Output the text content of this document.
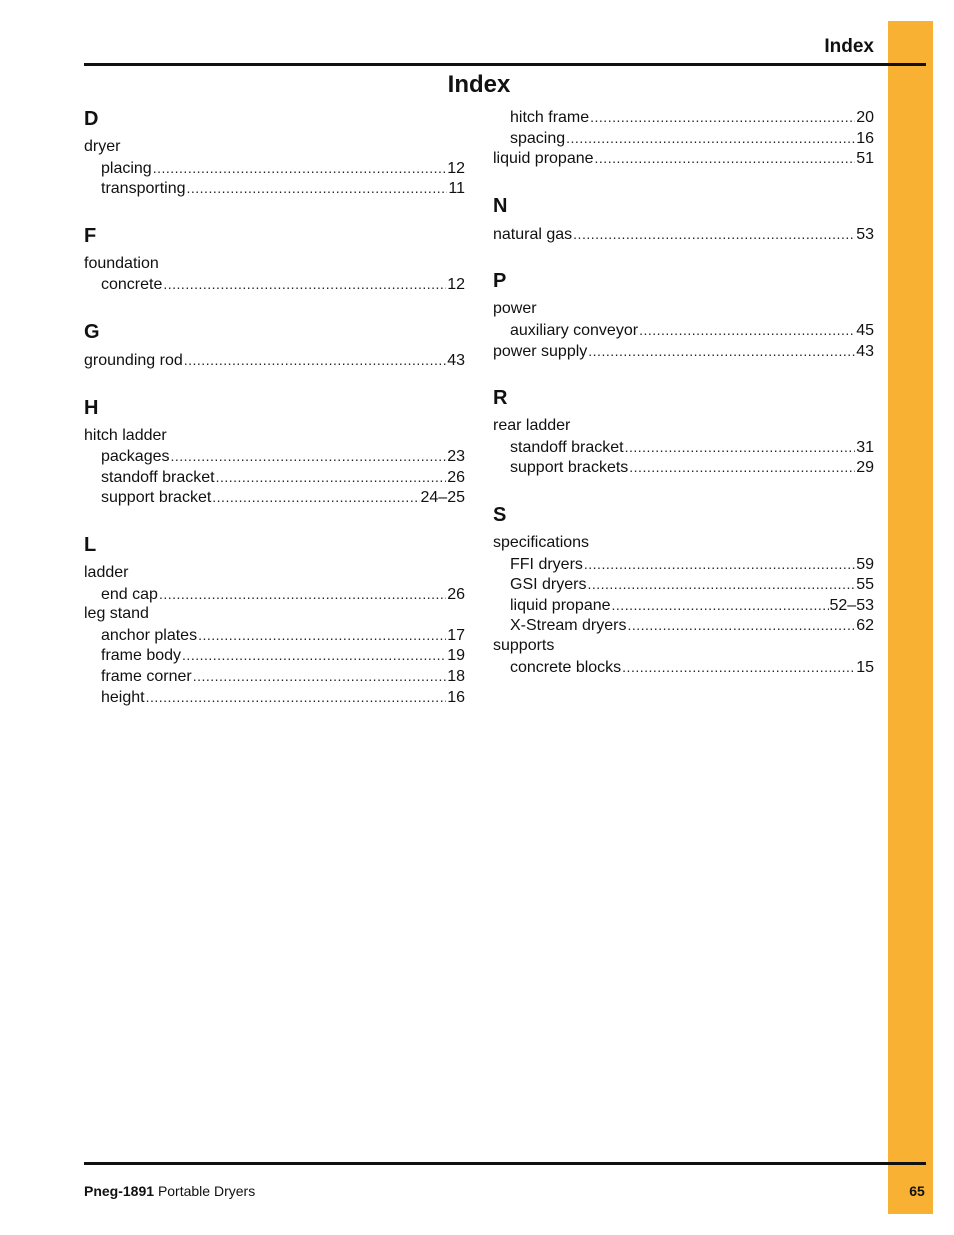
Index
Index
D
dryer
placing .....	12
transporting .....	11
F
foundation
concrete .....	12
G
grounding rod .....	43
H
hitch ladder
packages .....	23
standoff bracket .....	26
support bracket .....	24–25
L
ladder
end cap .....	26
leg stand
anchor plates .....	17
frame body .....	19
frame corner .....	18
height .....	16
hitch frame .....	20
spacing .....	16
liquid propane .....	51
N
natural gas .....	53
P
power
auxiliary conveyor .....	45
power supply .....	43
R
rear ladder
standoff bracket .....	31
support brackets .....	29
S
specifications
FFI dryers .....	59
GSI dryers .....	55
liquid propane .....	52–53
X-Stream dryers .....	62
supports
concrete blocks .....	15
Pneg-1891 Portable Dryers	65
